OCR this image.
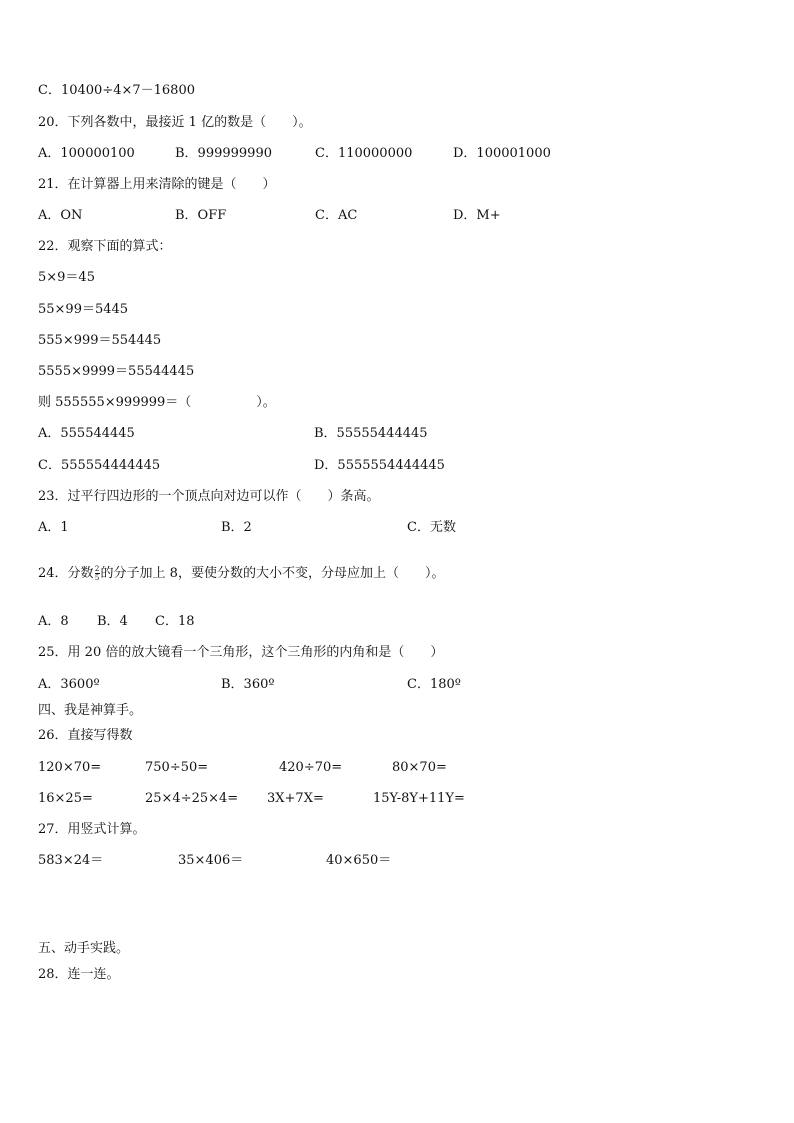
C．10400÷4×7－16800
20．下列各数中，最接近 1 亿的数是（　　）。
A．100000100	B．999999990	C．110000000	D．100001000
21．在计算器上用来清除的键是（　　）
A．ON	B．OFF	C．AC	D．M+
22．观察下面的算式：
5×9＝45
55×99＝5445
555×999＝554445
5555×9999＝55544445
则 555555×999999＝（　　　　　）。
A．555544445	B．55555444445
C．555554444445	D．5555554444445
23．过平行四边形的一个顶点向对边可以作（　　）条高。
A．1	B．2	C．无数
24．分数 $\frac{2}{5}$ 的分子加上 8，要使分数的大小不变，分母应加上（　　）。
A．8 B．4 C．18
25．用 20 倍的放大镜看一个三角形，这个三角形的内角和是（　　）
A．3600º	B．360º	C．180º
四、我是神算手。
26．直接写得数
120×70=	750÷50=	420÷70=	80×70=
16×25=	25×4÷25×4= 3X+7X=	15Y-8Y+11Y=
27．用竖式计算。
583×24＝	35×406＝	40×650＝
五、动手实践。
28．连一连。
